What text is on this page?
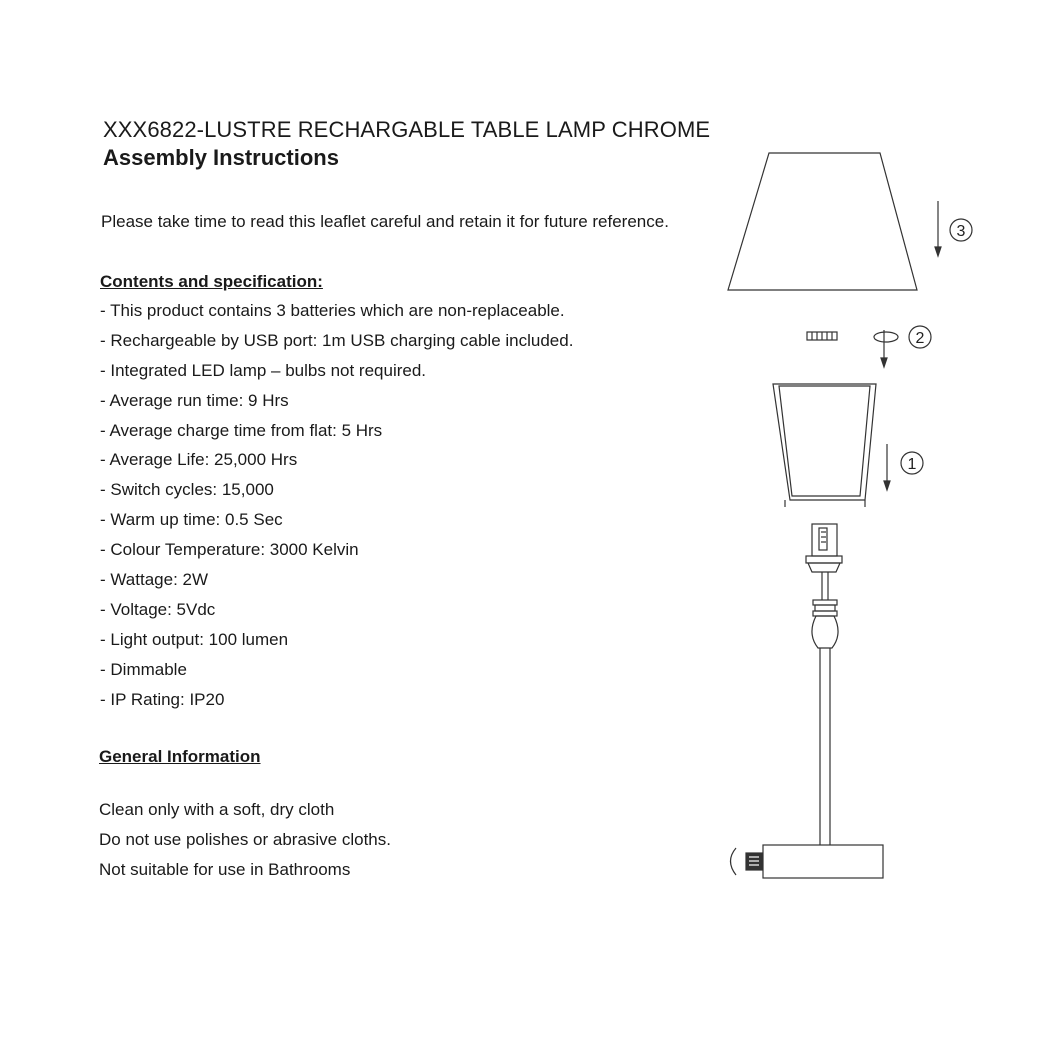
XXX6822-LUSTRE RECHARGABLE TABLE LAMP CHROME
Assembly Instructions
Please take time to read this leaflet careful and retain it for future reference.
Contents and specification:
- This product contains 3 batteries which are non-replaceable.
- Rechargeable by USB port: 1m USB charging cable included.
- Integrated LED lamp – bulbs not required.
- Average run time: 9 Hrs
- Average charge time from flat: 5 Hrs
- Average Life: 25,000 Hrs
- Switch cycles: 15,000
- Warm up time: 0.5 Sec
- Colour Temperature: 3000 Kelvin
- Wattage: 2W
- Voltage: 5Vdc
- Light output: 100 lumen
- Dimmable
- IP Rating: IP20
General Information
Clean only with a soft, dry cloth
Do not use polishes or abrasive cloths.
Not suitable for use in Bathrooms
3
2
1
